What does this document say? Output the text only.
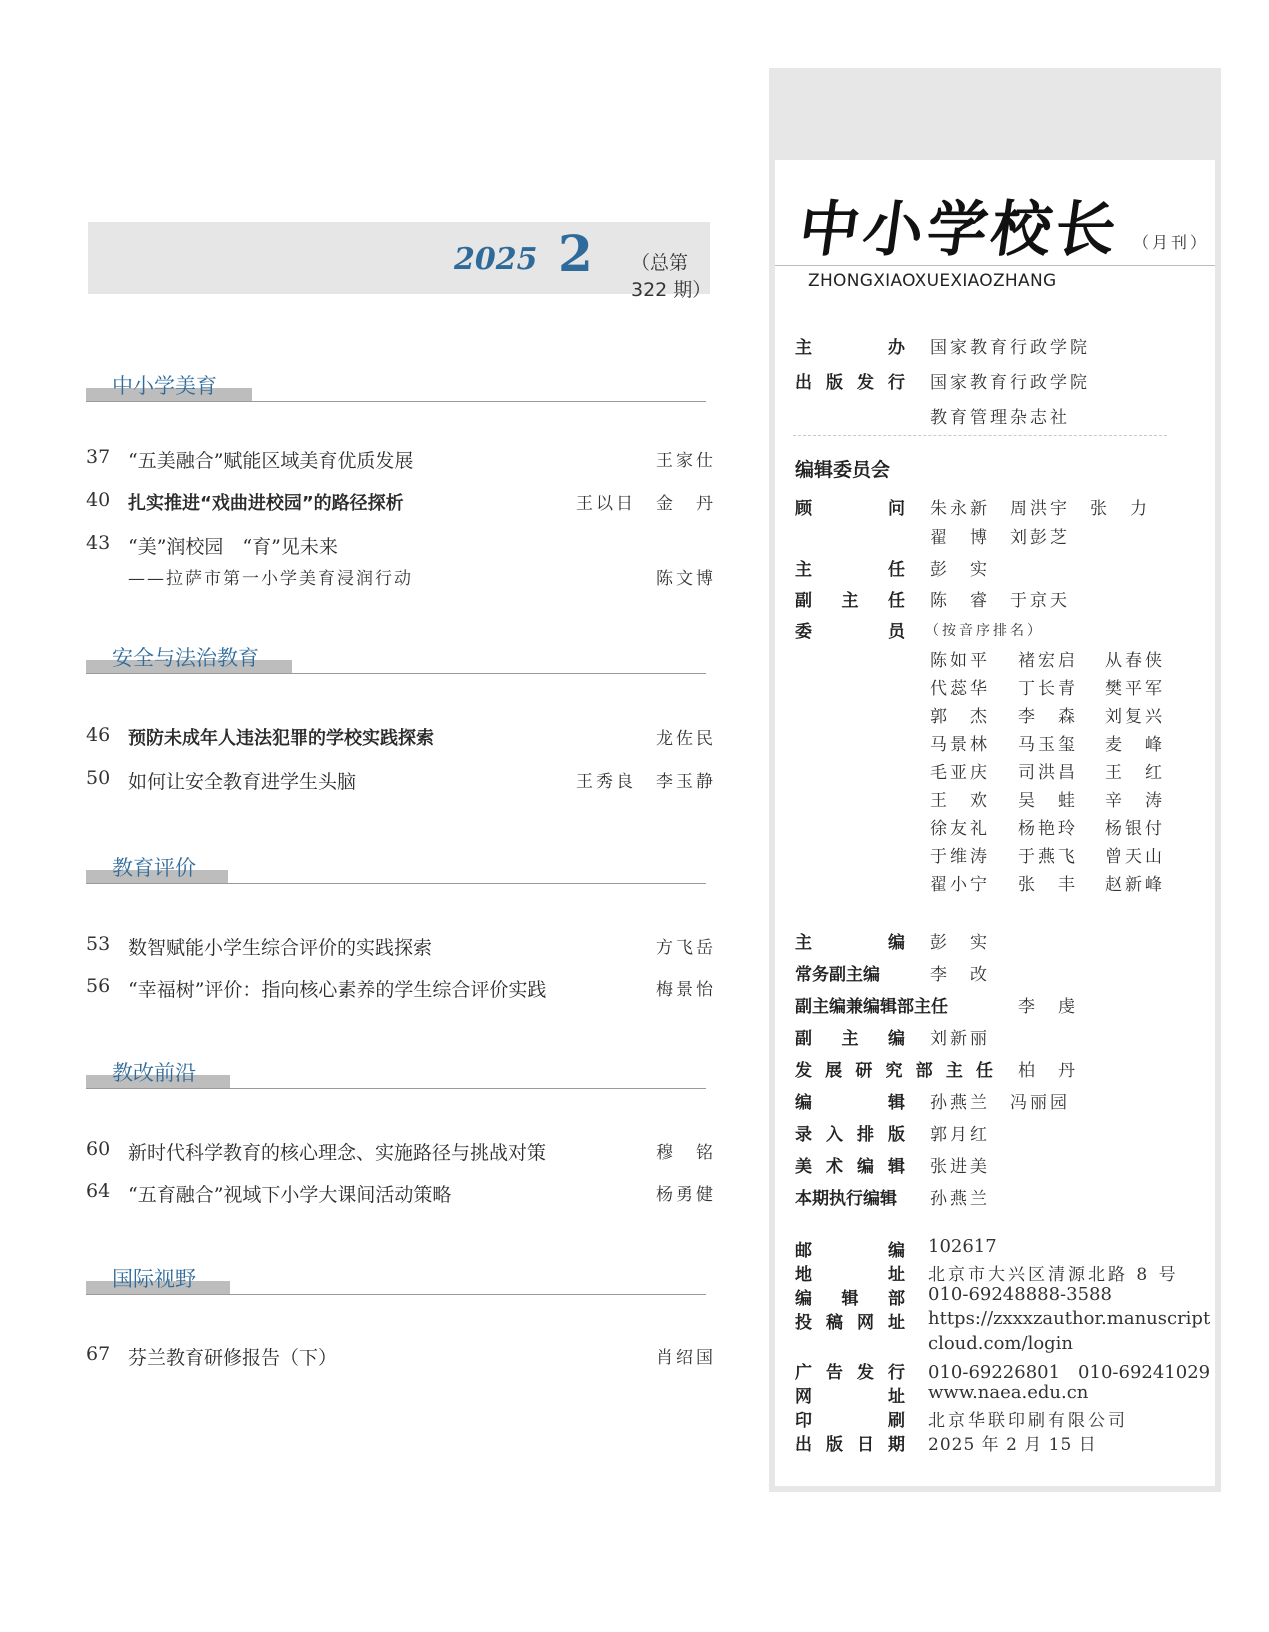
2025 2 （总第 322 期）
中小学美育
37 “五美融合”赋能区域美育优质发展	王家仕
40 扎实推进“戏曲进校园”的路径探析	王以日　金　丹
43 “美”润校园　“育”见未来
——拉萨市第一小学美育浸润行动	陈文博
安全与法治教育
46 预防未成年人违法犯罪的学校实践探索	龙佐民
50 如何让安全教育进学生头脑	王秀良　李玉静
教育评价
53 数智赋能小学生综合评价的实践探索	方飞岳
56 “幸福树”评价：指向核心素养的学生综合评价实践	梅景怡
教改前沿
60 新时代科学教育的核心理念、实施路径与挑战对策	穆　铭
64 “五育融合”视域下小学大课间活动策略	杨勇健
国际视野
67 芬兰教育研修报告（下）	肖绍国
中小学校长 （月刊）
ZHONGXIAOXUEXIAOZHANG
主　　办 国家教育行政学院
出版发行 国家教育行政学院
教育管理杂志社
编辑委员会
顾　　问 朱永新　周洪宇　张　力
翟　博　刘彭芝
主　　任 彭　实
副 主 任 陈　睿　于京天
委　　员 （按音序排名）
陈如平 褚宏启 从春侠
代蕊华 丁长青 樊平军
郭　杰 李　森 刘复兴
马景林 马玉玺 麦　峰
毛亚庆 司洪昌 王　红
王　欢 吴　蛙 辛　涛
徐友礼 杨艳玲 杨银付
于维涛 于燕飞 曾天山
翟小宁 张　丰 赵新峰
主　　编 彭　实
常务副主编	李　改
副主编兼编辑部主任	李　虔
副 主 编 刘新丽
发展研究部主任 柏　丹
编　　辑 孙燕兰　冯丽园
录入排版 郭月红
美术编辑 张进美
本期执行编辑 孙燕兰
邮　　编 102617
地　　址 北京市大兴区清源北路 8 号
编 辑 部 010-69248888-3588
投稿网址 https://zxxxzauthor.manuscript
cloud.com/login
广告发行 010-69226801　010-69241029
网　　址 www.naea.edu.cn
印　　刷 北京华联印刷有限公司
出版日期 2025 年 2 月 15 日
